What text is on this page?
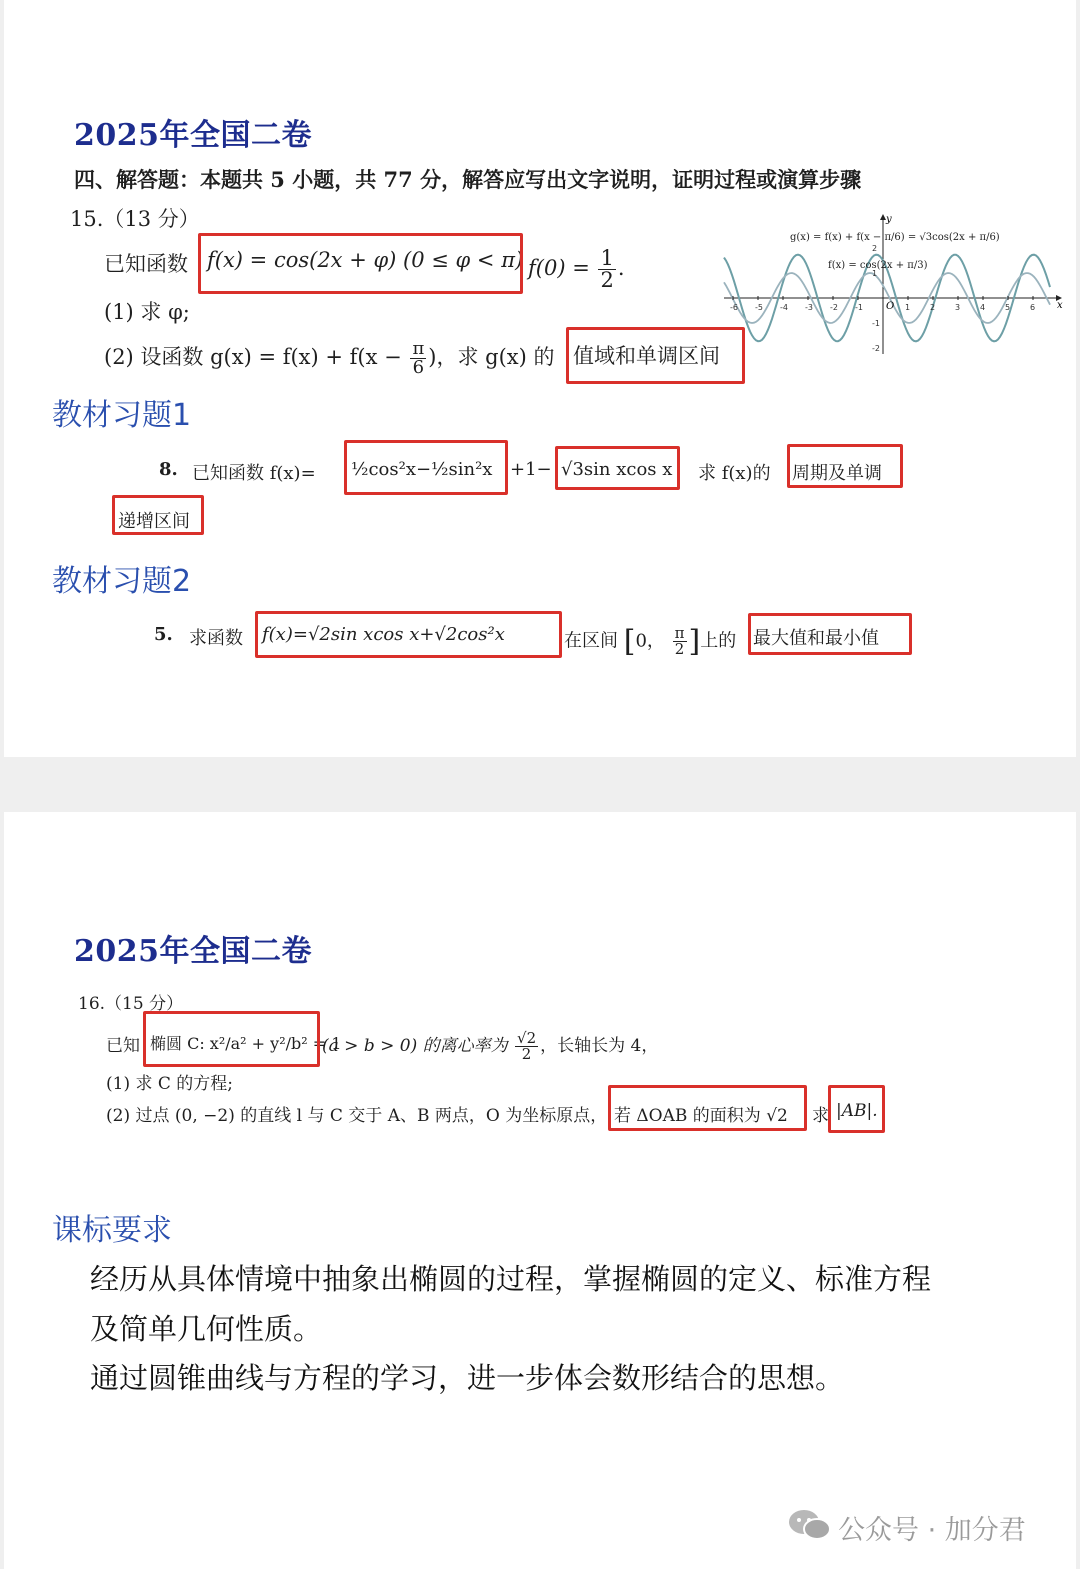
2025年全国二卷
四、解答题：本题共 5 小题，共 77 分，解答应写出文字说明，证明过程或演算步骤
15.（13 分）
已知函数 f(x) = cos(2x + φ) (0 ≤ φ < π) $f(0) = \frac{1}{2}$ .
(1) 求 φ;
(2) 设函数 $g(x) = f(x) + f(x - \frac{\pi}{6}$ )，求 g(x) 的 值域和单调区间
-6 -5 -4 -3 -2 -1	1 2 3 4 5 6
2
1
-1
-2
y
x
O
g(x) = f(x) + f(x − π/6) = √3cos(2x + π/6)
f(x) = cos(2x + π/3)
教材习题1
8. 已知函数 f(x)= ½cos²x−½sin²x +1− √3sin xcos x 求 f(x)的 周期及单调
递增区间
教材习题2
5. 求函数 f(x)=√2sin xcos x+√2cos²x	在区间 [0， $\frac{\pi}{2}$ ]上的 最大值和最小值
2025年全国二卷
16.（15 分）
已知 椭圆 C: x²/a² + y²/b² = 1
(a > b > 0) 的离心率为 $\frac{√2}{2}$ ，长轴长为 4，
(1) 求 C 的方程;
(2) 过点 (0, −2) 的直线 l 与 C 交于 A、B 两点，O 为坐标原点， 若 ΔOAB 的面积为 √2 求 |AB|.
课标要求
经历从具体情境中抽象出椭圆的过程，掌握椭圆的定义、标准方程
及简单几何性质。
通过圆锥曲线与方程的学习，进一步体会数形结合的思想。
公众号 · 加分君
